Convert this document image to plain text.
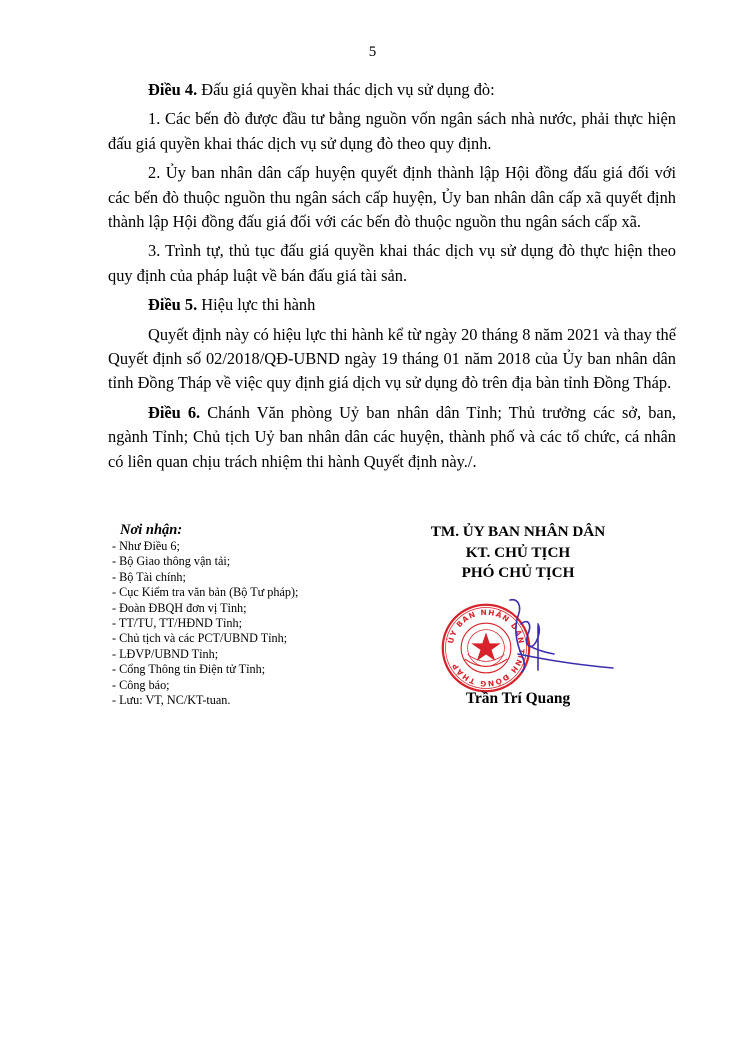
5

Điều 4. Đấu giá quyền khai thác dịch vụ sử dụng đò:

1. Các bến đò được đầu tư bằng nguồn vốn ngân sách nhà nước, phải thực hiện đấu giá quyền khai thác dịch vụ sử dụng đò theo quy định.

2. Ủy ban nhân dân cấp huyện quyết định thành lập Hội đồng đấu giá đối với các bến đò thuộc nguồn thu ngân sách cấp huyện, Ủy ban nhân dân cấp xã quyết định thành lập Hội đồng đấu giá đối với các bến đò thuộc nguồn thu ngân sách cấp xã.

3. Trình tự, thủ tục đấu giá quyền khai thác dịch vụ sử dụng đò thực hiện theo quy định của pháp luật về bán đấu giá tài sản.

Điều 5. Hiệu lực thi hành

Quyết định này có hiệu lực thi hành kể từ ngày 20 tháng 8 năm 2021 và thay thế Quyết định số 02/2018/QĐ-UBND ngày 19 tháng 01 năm 2018 của Ủy ban nhân dân tỉnh Đồng Tháp về việc quy định giá dịch vụ sử dụng đò trên địa bàn tỉnh Đồng Tháp.

Điều 6. Chánh Văn phòng Uỷ ban nhân dân Tỉnh; Thủ trưởng các sở, ban, ngành Tỉnh; Chủ tịch Uỷ ban nhân dân các huyện, thành phố và các tổ chức, cá nhân có liên quan chịu trách nhiệm thi hành Quyết định này./.

Nơi nhận:
- Như Điều 6;
- Bộ Giao thông vận tải;
- Bộ Tài chính;
- Cục Kiểm tra văn bản (Bộ Tư pháp);
- Đoàn ĐBQH đơn vị Tỉnh;
- TT/TU, TT/HĐND Tỉnh;
- Chủ tịch và các PCT/UBND Tỉnh;
- LĐVP/UBND Tỉnh;
- Cổng Thông tin Điện tử Tỉnh;
- Công báo;
- Lưu: VT, NC/KT-tuan.
TM. ỦY BAN NHÂN DÂN
KT. CHỦ TỊCH
PHÓ CHỦ TỊCH
ỦY BAN NHÂN DÂN TỈNH ĐỒNG THÁP
Trần Trí Quang
